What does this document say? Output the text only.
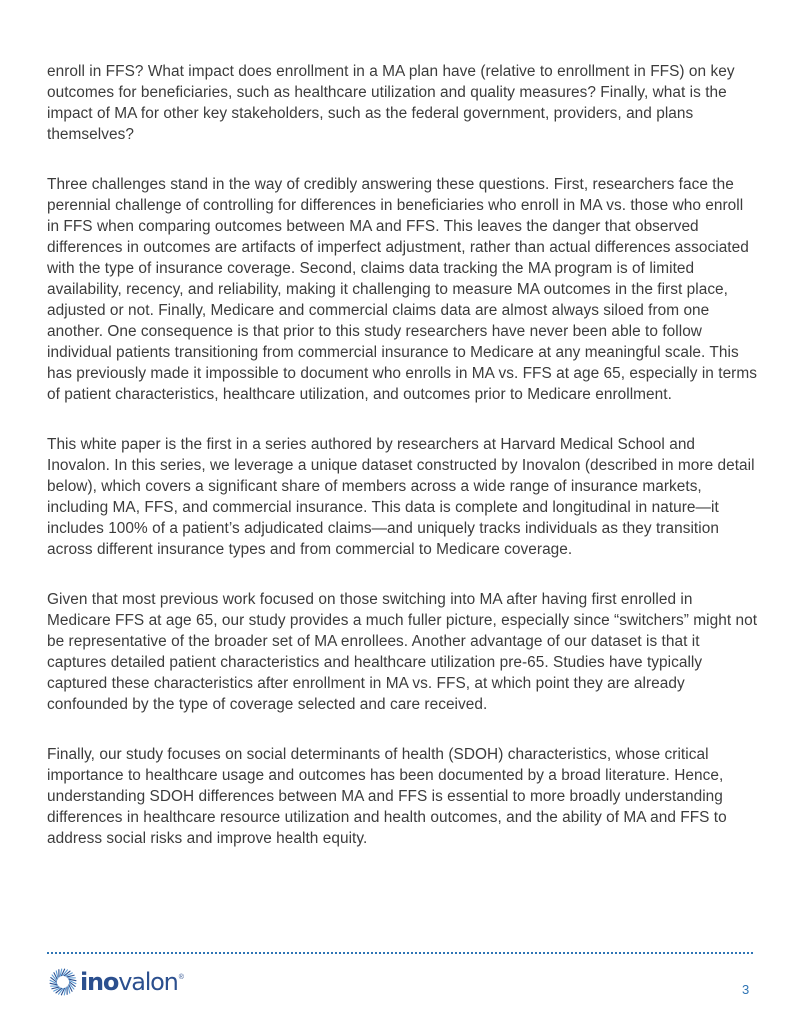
enroll in FFS? What impact does enrollment in a MA plan have (relative to enrollment in FFS) on key outcomes for beneficiaries, such as healthcare utilization and quality measures? Finally, what is the impact of MA for other key stakeholders, such as the federal government, providers, and plans themselves?

Three challenges stand in the way of credibly answering these questions. First, researchers face the perennial challenge of controlling for differences in beneficiaries who enroll in MA vs. those who enroll in FFS when comparing outcomes between MA and FFS. This leaves the danger that observed differences in outcomes are artifacts of imperfect adjustment, rather than actual differences associated with the type of insurance coverage. Second, claims data tracking the MA program is of limited availability, recency, and reliability, making it challenging to measure MA outcomes in the first place, adjusted or not. Finally, Medicare and commercial claims data are almost always siloed from one another. One consequence is that prior to this study researchers have never been able to follow individual patients transitioning from commercial insurance to Medicare at any meaningful scale. This has previously made it impossible to document who enrolls in MA vs. FFS at age 65, especially in terms of patient characteristics, healthcare utilization, and outcomes prior to Medicare enrollment.

This white paper is the first in a series authored by researchers at Harvard Medical School and Inovalon. In this series, we leverage a unique dataset constructed by Inovalon (described in more detail below), which covers a significant share of members across a wide range of insurance markets, including MA, FFS, and commercial insurance. This data is complete and longitudinal in nature—it includes 100% of a patient’s adjudicated claims—and uniquely tracks individuals as they transition across different insurance types and from commercial to Medicare coverage.

Given that most previous work focused on those switching into MA after having first enrolled in Medicare FFS at age 65, our study provides a much fuller picture, especially since “switchers” might not be representative of the broader set of MA enrollees. Another advantage of our dataset is that it captures detailed patient characteristics and healthcare utilization pre-65. Studies have typically captured these characteristics after enrollment in MA vs. FFS, at which point they are already confounded by the type of coverage selected and care received.

Finally, our study focuses on social determinants of health (SDOH) characteristics, whose critical importance to healthcare usage and outcomes has been documented by a broad literature. Hence, understanding SDOH differences between MA and FFS is essential to more broadly understanding differences in healthcare resource utilization and health outcomes, and the ability of MA and FFS to address social risks and improve health equity.

inovalon ®
3
